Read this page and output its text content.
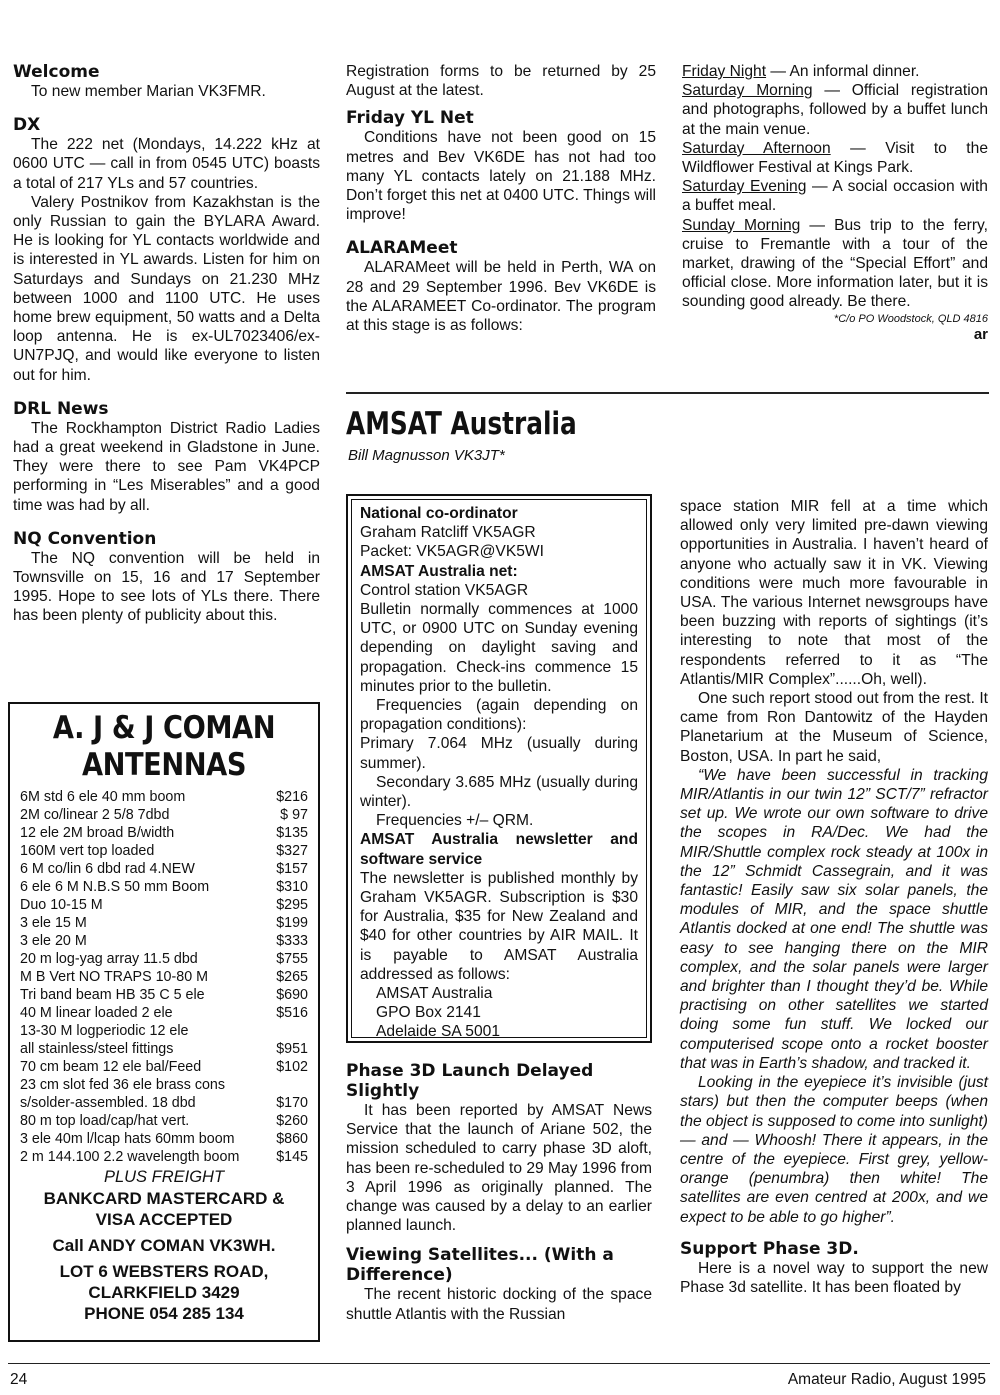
Welcome

To new member Marian VK3FMR.

DX

The 222 net (Mondays, 14.222 kHz at 0600 UTC — call in from 0545 UTC) boasts a total of 217 YLs and 57 countries.

Valery Postnikov from Kazakhstan is the only Russian to gain the BYLARA Award. He is looking for YL contacts worldwide and is interested in YL awards. Listen for him on Saturdays and Sundays on 21.230 MHz between 1000 and 1100 UTC. He uses home brew equipment, 50 watts and a Delta loop antenna. He is ex-UL7023406/ex-UN7PJQ, and would like everyone to listen out for him.

DRL News

The Rockhampton District Radio Ladies had a great weekend in Gladstone in June. They were there to see Pam VK4PCP performing in “Les Miserables” and a good time was had by all.

NQ Convention

The NQ convention will be held in Townsville on 15, 16 and 17 September 1995. Hope to see lots of YLs there. There has been plenty of publicity about this.

A. J & J COMAN
ANTENNAS
6M std 6 ele 40 mm boom	$216
2M co/linear 2 5/8 7dbd	$ 97
12 ele 2M broad B/width	$135
160M vert top loaded	$327
6 M co/lin 6 dbd rad 4.NEW	$157
6 ele 6 M N.B.S 50 mm Boom	$310
Duo 10-15 M	$295
3 ele 15 M	$199
3 ele 20 M	$333
20 m log-yag array 11.5 dbd	$755
M B Vert NO TRAPS 10-80 M	$265
Tri band beam HB 35 C 5 ele	$690
40 M linear loaded 2 ele	$516
13-30 M logperiodic 12 ele
all stainless/steel fittings	$951
70 cm beam 12 ele bal/Feed	$102
23 cm slot fed 36 ele brass cons
s/solder-assembled. 18 dbd	$170
80 m top load/cap/hat vert.	$260
3 ele 40m l/lcap hats 60mm boom	$860
2 m 144.100 2.2 wavelength boom	$145
PLUS FREIGHT
BANKCARD MASTERCARD &
VISA ACCEPTED
Call ANDY COMAN VK3WH.
LOT 6 WEBSTERS ROAD,
CLARKFIELD 3429
PHONE 054 285 134

Registration forms to be returned by 25 August at the latest.

Friday YL Net

Conditions have not been good on 15 metres and Bev VK6DE has not had too many YL contacts lately on 21.188 MHz. Don’t forget this net at 0400 UTC. Things will improve!

ALARAMeet

ALARAMeet will be held in Perth, WA on 28 and 29 September 1996. Bev VK6DE is the ALARAMEET Co-ordinator. The program at this stage is as follows:

Friday Night — An informal dinner.

Saturday Morning — Official registration and photographs, followed by a buffet lunch at the main venue.

Saturday Afternoon — Visit to the Wildflower Festival at Kings Park.

Saturday Evening — A social occasion with a buffet meal.

Sunday Morning — Bus trip to the ferry, cruise to Fremantle with a tour of the market, drawing of the “Special Effort” and official close. More information later, but it is sounding good already. Be there.

*C/o PO Woodstock, QLD 4816
ar
AMSAT Australia
Bill Magnusson VK3JT*
National co-ordinator
Graham Ratcliff VK5AGR
Packet: VK5AGR@VK5WI
AMSAT Australia net:
Control station VK5AGR

Bulletin normally commences at 1000 UTC, or 0900 UTC on Sunday evening depending on daylight saving and propagation. Check-ins commence 15 minutes prior to the bulletin.

Frequencies (again depending on propagation conditions):

Primary 7.064 MHz (usually during summer).

Secondary 3.685 MHz (usually during winter).

Frequencies +/– QRM.

AMSAT Australia newsletter and software service

The newsletter is published monthly by Graham VK5AGR. Subscription is $30 for Australia, $35 for New Zealand and $40 for other countries by AIR MAIL. It is payable to AMSAT Australia addressed as follows:

AMSAT Australia
GPO Box 2141
Adelaide SA 5001
Phase 3D Launch Delayed Slightly

It has been reported by AMSAT News Service that the launch of Ariane 502, the mission scheduled to carry phase 3D aloft, has been re-scheduled to 29 May 1996 from 3 April 1996 as originally planned. The change was caused by a delay to an earlier planned launch.

Viewing Satellites... (With a Difference)

The recent historic docking of the space shuttle Atlantis with the Russian

space station MIR fell at a time which allowed only very limited pre-dawn viewing opportunities in Australia. I haven’t heard of anyone who actually saw it in VK. Viewing conditions were much more favourable in USA. The various Internet newsgroups have been buzzing with reports of sightings (it’s interesting to note that most of the respondents referred to it as “The Atlantis/MIR Complex”......Oh, well).

One such report stood out from the rest. It came from Ron Dantowitz of the Hayden Planetarium at the Museum of Science, Boston, USA. In part he said,

“We have been successful in tracking MIR/Atlantis in our twin 12” SCT/7” refractor set up. We wrote our own software to drive the scopes in RA/Dec. We had the MIR/Shuttle complex rock steady at 100x in the 12” Schmidt Cassegrain, and it was fantastic! Easily saw six solar panels, the modules of MIR, and the space shuttle Atlantis docked at one end! The shuttle was easy to see hanging there on the MIR complex, and the solar panels were larger and brighter than I thought they’d be. While practising on other satellites we started doing some fun stuff. We locked our computerised scope onto a rocket booster that was in Earth’s shadow, and tracked it.

Looking in the eyepiece it’s invisible (just stars) but then the computer beeps (when the object is supposed to come into sunlight) — and — Whoosh! There it appears, in the centre of the eyepiece. First grey, yellow-orange (penumbra) then white! The satellites are even centred at 200x, and we expect to be able to go higher”.

Support Phase 3D.

Here is a novel way to support the new Phase 3d satellite. It has been floated by

24	Amateur Radio, August 1995
